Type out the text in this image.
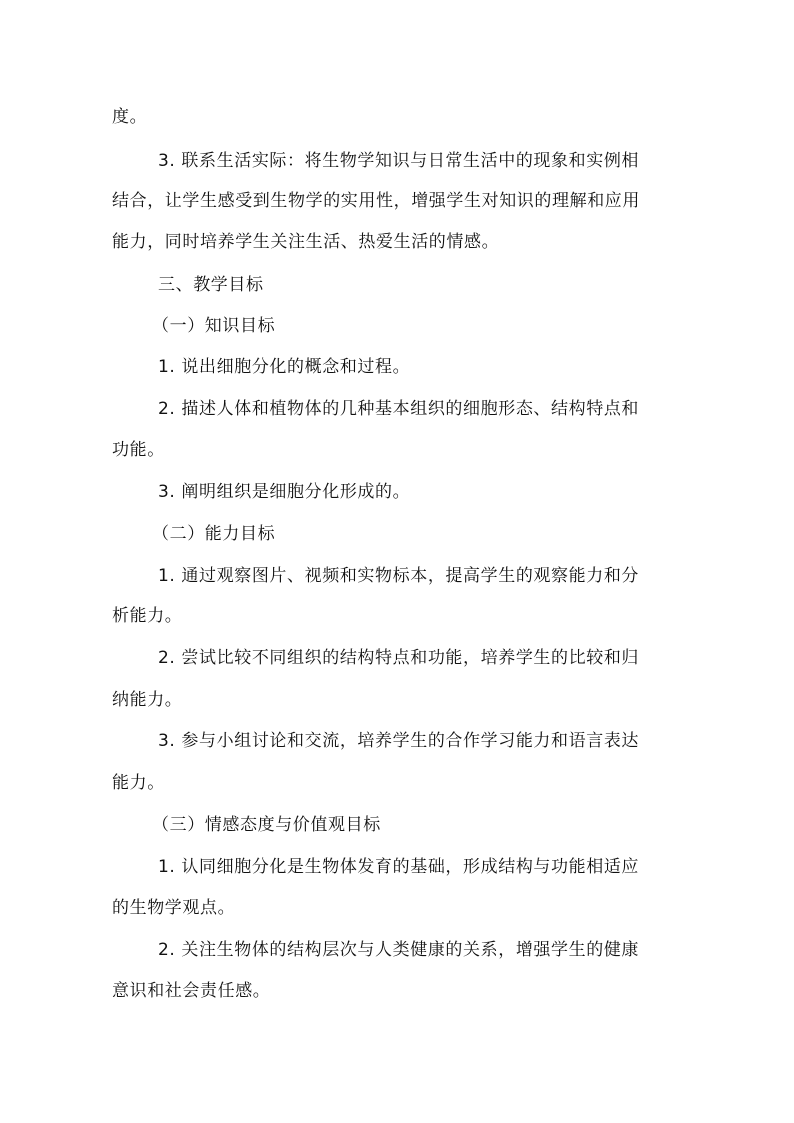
度。
3. 联系生活实际：将生物学知识与日常生活中的现象和实例相
结合，让学生感受到生物学的实用性，增强学生对知识的理解和应用
能力，同时培养学生关注生活、热爱生活的情感。
三、教学目标
（一）知识目标
1. 说出细胞分化的概念和过程。
2. 描述人体和植物体的几种基本组织的细胞形态、结构特点和
功能。
3. 阐明组织是细胞分化形成的。
（二）能力目标
1. 通过观察图片、视频和实物标本，提高学生的观察能力和分
析能力。
2. 尝试比较不同组织的结构特点和功能，培养学生的比较和归
纳能力。
3. 参与小组讨论和交流，培养学生的合作学习能力和语言表达
能力。
（三）情感态度与价值观目标
1. 认同细胞分化是生物体发育的基础，形成结构与功能相适应
的生物学观点。
2. 关注生物体的结构层次与人类健康的关系，增强学生的健康
意识和社会责任感。
